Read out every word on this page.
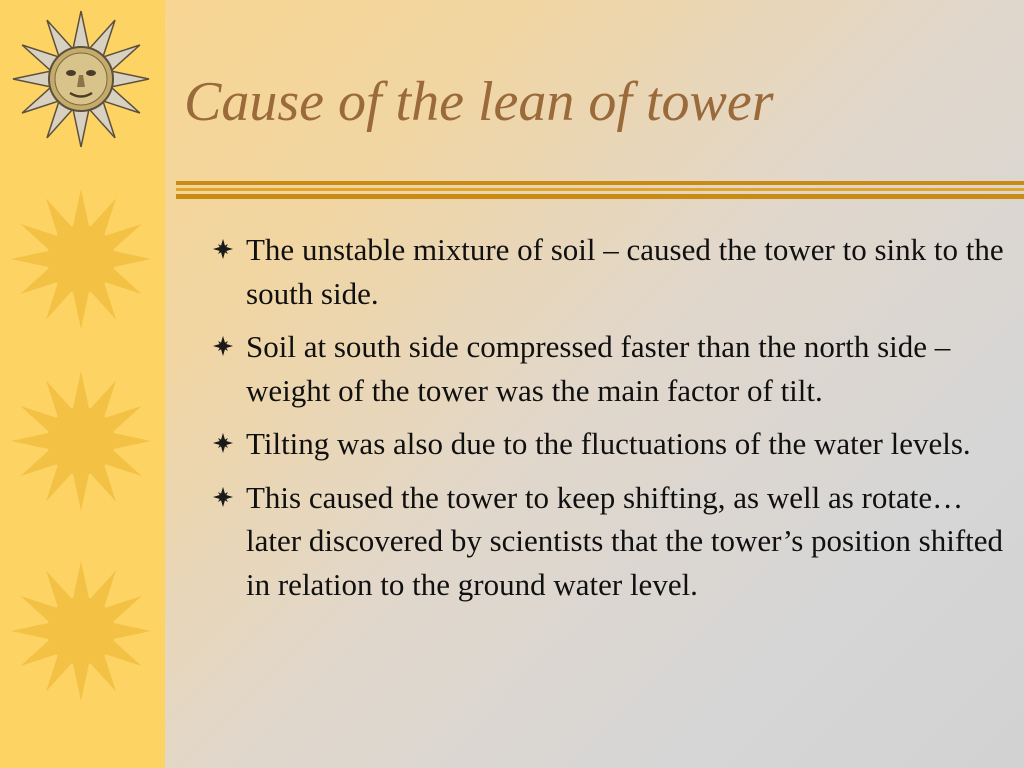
Cause of the lean of tower
The unstable mixture of soil – caused the tower to sink to the south side.
Soil at south side compressed faster than the north side – weight of the tower was the main factor of tilt.
Tilting was also due to the fluctuations of the water levels.
This caused the tower to keep shifting, as well as rotate…later discovered by scientists that the tower’s position shifted in relation to the ground water level.
